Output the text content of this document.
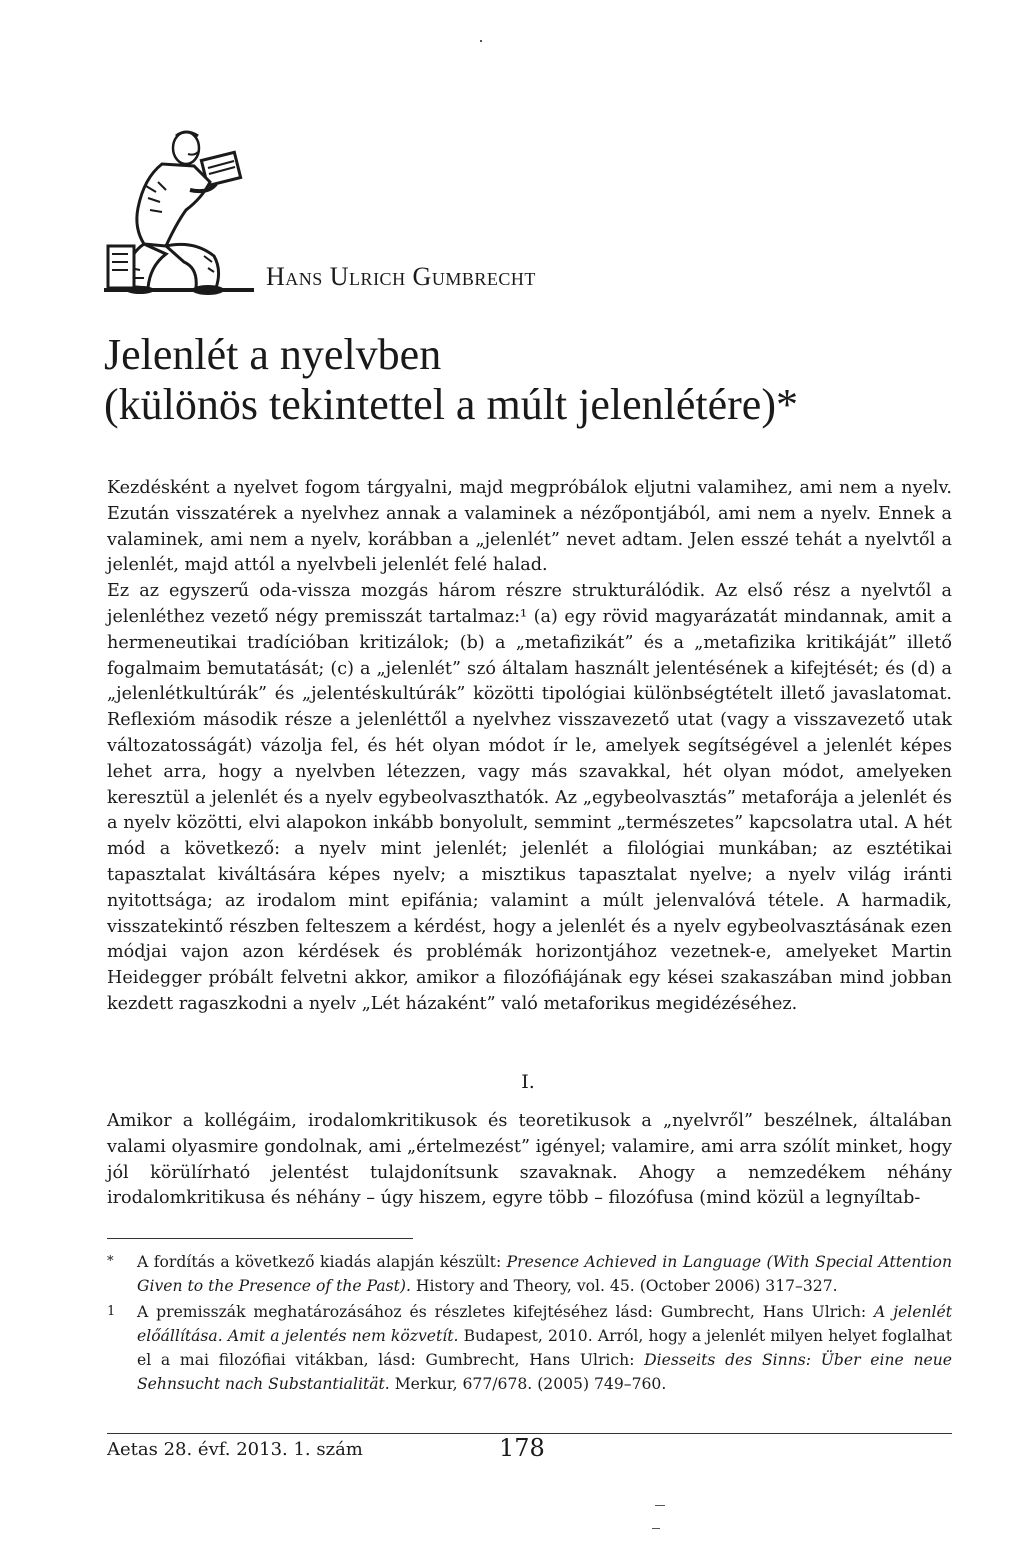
Hans Ulrich Gumbrecht
Jelenlét a nyelvben
(különös tekintettel a múlt jelenlétére)*

Kezdésként a nyelvet fogom tárgyalni, majd megpróbálok eljutni valamihez, ami nem a nyelv. Ezután visszatérek a nyelvhez annak a valaminek a nézőpontjából, ami nem a nyelv. Ennek a valaminek, ami nem a nyelv, korábban a „jelenlét” nevet adtam. Jelen esszé tehát a nyelvtől a jelenlét, majd attól a nyelvbeli jelenlét felé halad.

Ez az egyszerű oda-vissza mozgás három részre strukturálódik. Az első rész a nyelvtől a jelenléthez vezető négy premisszát tartalmaz:¹ (a) egy rövid magyarázatát mindannak, amit a hermeneutikai tradícióban kritizálok; (b) a „metafizikát” és a „metafizika kritikáját” illető fogalmaim bemutatását; (c) a „jelenlét” szó általam használt jelentésének a kifejtését; és (d) a „jelenlétkultúrák” és „jelentéskultúrák” közötti tipológiai különbségtételt illető javaslatomat. Reflexióm második része a jelenléttől a nyelvhez visszavezető utat (vagy a visszavezető utak változatosságát) vázolja fel, és hét olyan módot ír le, amelyek segítségével a jelenlét képes lehet arra, hogy a nyelvben létezzen, vagy más szavakkal, hét olyan módot, amelyeken keresztül a jelenlét és a nyelv egybeolvaszthatók. Az „egybeolvasztás” metaforája a jelenlét és a nyelv közötti, elvi alapokon inkább bonyolult, semmint „természetes” kapcsolatra utal. A hét mód a következő: a nyelv mint jelenlét; jelenlét a filológiai munkában; az esztétikai tapasztalat kiváltására képes nyelv; a misztikus tapasztalat nyelve; a nyelv világ iránti nyitottsága; az irodalom mint epifánia; valamint a múlt jelenvalóvá tétele. A harmadik, visszatekintő részben felteszem a kérdést, hogy a jelenlét és a nyelv egybeolvasztásának ezen módjai vajon azon kérdések és problémák horizontjához vezetnek-e, amelyeket Martin Heidegger próbált felvetni akkor, amikor a filozófiájának egy kései szakaszában mind jobban kezdett ragaszkodni a nyelv „Lét házaként” való metaforikus megidézéséhez.

I.

Amikor a kollégáim, irodalomkritikusok és teoretikusok a „nyelvről” beszélnek, általában valami olyasmire gondolnak, ami „értelmezést” igényel; valamire, ami arra szólít minket, hogy jól körülírható jelentést tulajdonítsunk szavaknak. Ahogy a nemzedékem néhány irodalomkritikusa és néhány – úgy hiszem, egyre több – filozófusa (mind közül a legnyíltab-

*	A fordítás a következő kiadás alapján készült: Presence Achieved in Language (With Special Attention Given to the Presence of the Past). History and Theory, vol. 45. (October 2006) 317–327.
1	A premisszák meghatározásához és részletes kifejtéséhez lásd: Gumbrecht, Hans Ulrich: A jelenlét előállítása. Amit a jelentés nem közvetít. Budapest, 2010. Arról, hogy a jelenlét milyen helyet foglalhat el a mai filozófiai vitákban, lásd: Gumbrecht, Hans Ulrich: Diesseits des Sinns: Über eine neue Sehnsucht nach Substantialität. Merkur, 677/678. (2005) 749–760.
Aetas 28. évf. 2013. 1. szám	178
